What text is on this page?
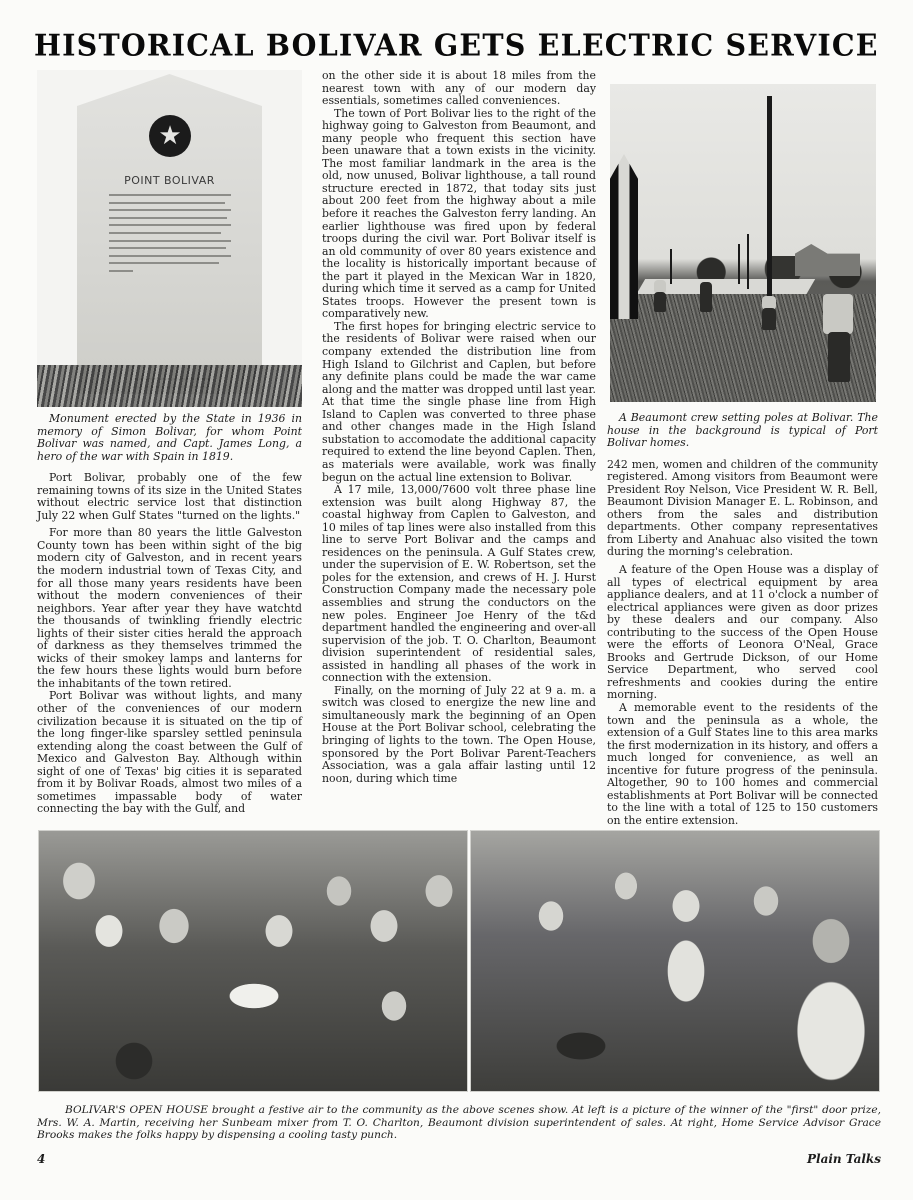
HISTORICAL BOLIVAR GETS ELECTRIC SERVICE
★
POINT BOLIVAR
Monument erected by the State in 1936 in memory of Simon Bolivar, for whom Point Bolivar was named, and Capt. James Long, a hero of the war with Spain in 1819.

Port Bolivar, probably one of the few remaining towns of its size in the United States without electric service lost that distinction July 22 when Gulf States "turned on the lights."

For more than 80 years the little Galveston County town has been within sight of the big modern city of Galveston, and in recent years the modern industrial town of Texas City, and for all those many years residents have been without the modern conveniences of their neighbors. Year after year they have watchtd the thousands of twinkling friendly electric lights of their sister cities herald the approach of darkness as they themselves trimmed the wicks of their smokey lamps and lanterns for the few hours these lights would burn before the inhabitants of the town retired.

Port Bolivar was without lights, and many other of the conveniences of our modern civilization because it is situated on the tip of the long finger-like sparsley settled peninsula extending along the coast between the Gulf of Mexico and Galveston Bay. Although within sight of one of Texas' big cities it is separated from it by Bolivar Roads, almost two miles of a sometimes impassable body of water connecting the bay with the Gulf, and

on the other side it is about 18 miles from the nearest town with any of our modern day essentials, sometimes called conveniences.

The town of Port Bolivar lies to the right of the highway going to Galveston from Beaumont, and many people who frequent this section have been unaware that a town exists in the vicinity. The most familiar landmark in the area is the old, now unused, Bolivar lighthouse, a tall round structure erected in 1872, that today sits just about 200 feet from the highway about a mile before it reaches the Galveston ferry landing. An earlier lighthouse was fired upon by federal troops during the civil war. Port Bolivar itself is an old community of over 80 years existence and the locality is historically important because of the part it played in the Mexican War in 1820, during which time it served as a camp for United States troops. However the present town is comparatively new.

The first hopes for bringing electric service to the residents of Bolivar were raised when our company extended the distribution line from High Island to Gilchrist and Caplen, but before any definite plans could be made the war came along and the matter was dropped until last year. At that time the single phase line from High Island to Caplen was converted to three phase and other changes made in the High Island substation to accomodate the additional capacity required to extend the line beyond Caplen. Then, as materials were available, work was finally begun on the actual line extension to Bolivar.

A 17 mile, 13,000/7600 volt three phase line extension was built along Highway 87, the coastal highway from Caplen to Galveston, and 10 miles of tap lines were also installed from this line to serve Port Bolivar and the camps and residences on the peninsula. A Gulf States crew, under the supervision of E. W. Robertson, set the poles for the extension, and crews of H. J. Hurst Construction Company made the necessary pole assemblies and strung the conductors on the new poles. Engineer Joe Henry of the t&d department handled the engineering and over-all supervision of the job. T. O. Charlton, Beaumont division superintendent of residential sales, assisted in handling all phases of the work in connection with the extension.

Finally, on the morning of July 22 at 9 a. m. a switch was closed to energize the new line and simultaneously mark the beginning of an Open House at the Port Bolivar school, celebrating the bringing of lights to the town. The Open House, sponsored by the Port Bolivar Parent-Teachers Association, was a gala affair lasting until 12 noon, during which time

A Beaumont crew setting poles at Bolivar. The house in the background is typical of Port Bolivar homes.

242 men, women and children of the community registered. Among visitors from Beaumont were President Roy Nelson, Vice President W. R. Bell, Beaumont Division Manager E. L. Robinson, and others from the sales and distribution departments. Other company representatives from Liberty and Anahuac also visited the town during the morning's celebration.

A feature of the Open House was a display of all types of electrical equipment by area appliance dealers, and at 11 o'clock a number of electrical appliances were given as door prizes by these dealers and our company. Also contributing to the success of the Open House were the efforts of Leonora O'Neal, Grace Brooks and Gertrude Dickson, of our Home Service Department, who served cool refreshments and cookies during the entire morning.

A memorable event to the residents of the town and the peninsula as a whole, the extension of a Gulf States line to this area marks the first modernization in its history, and offers a much longed for convenience, as well an incentive for future progress of the peninsula. Altogether, 90 to 100 homes and commercial establishments at Port Bolivar will be connected to the line with a total of 125 to 150 customers on the entire extension.

BOLIVAR'S OPEN HOUSE brought a festive air to the community as the above scenes show. At left is a picture of the winner of the "first" door prize, Mrs. W. A. Martin, receiving her Sunbeam mixer from T. O. Charlton, Beaumont division superintendent of sales. At right, Home Service Advisor Grace Brooks makes the folks happy by dispensing a cooling tasty punch.
4	Plain Talks
